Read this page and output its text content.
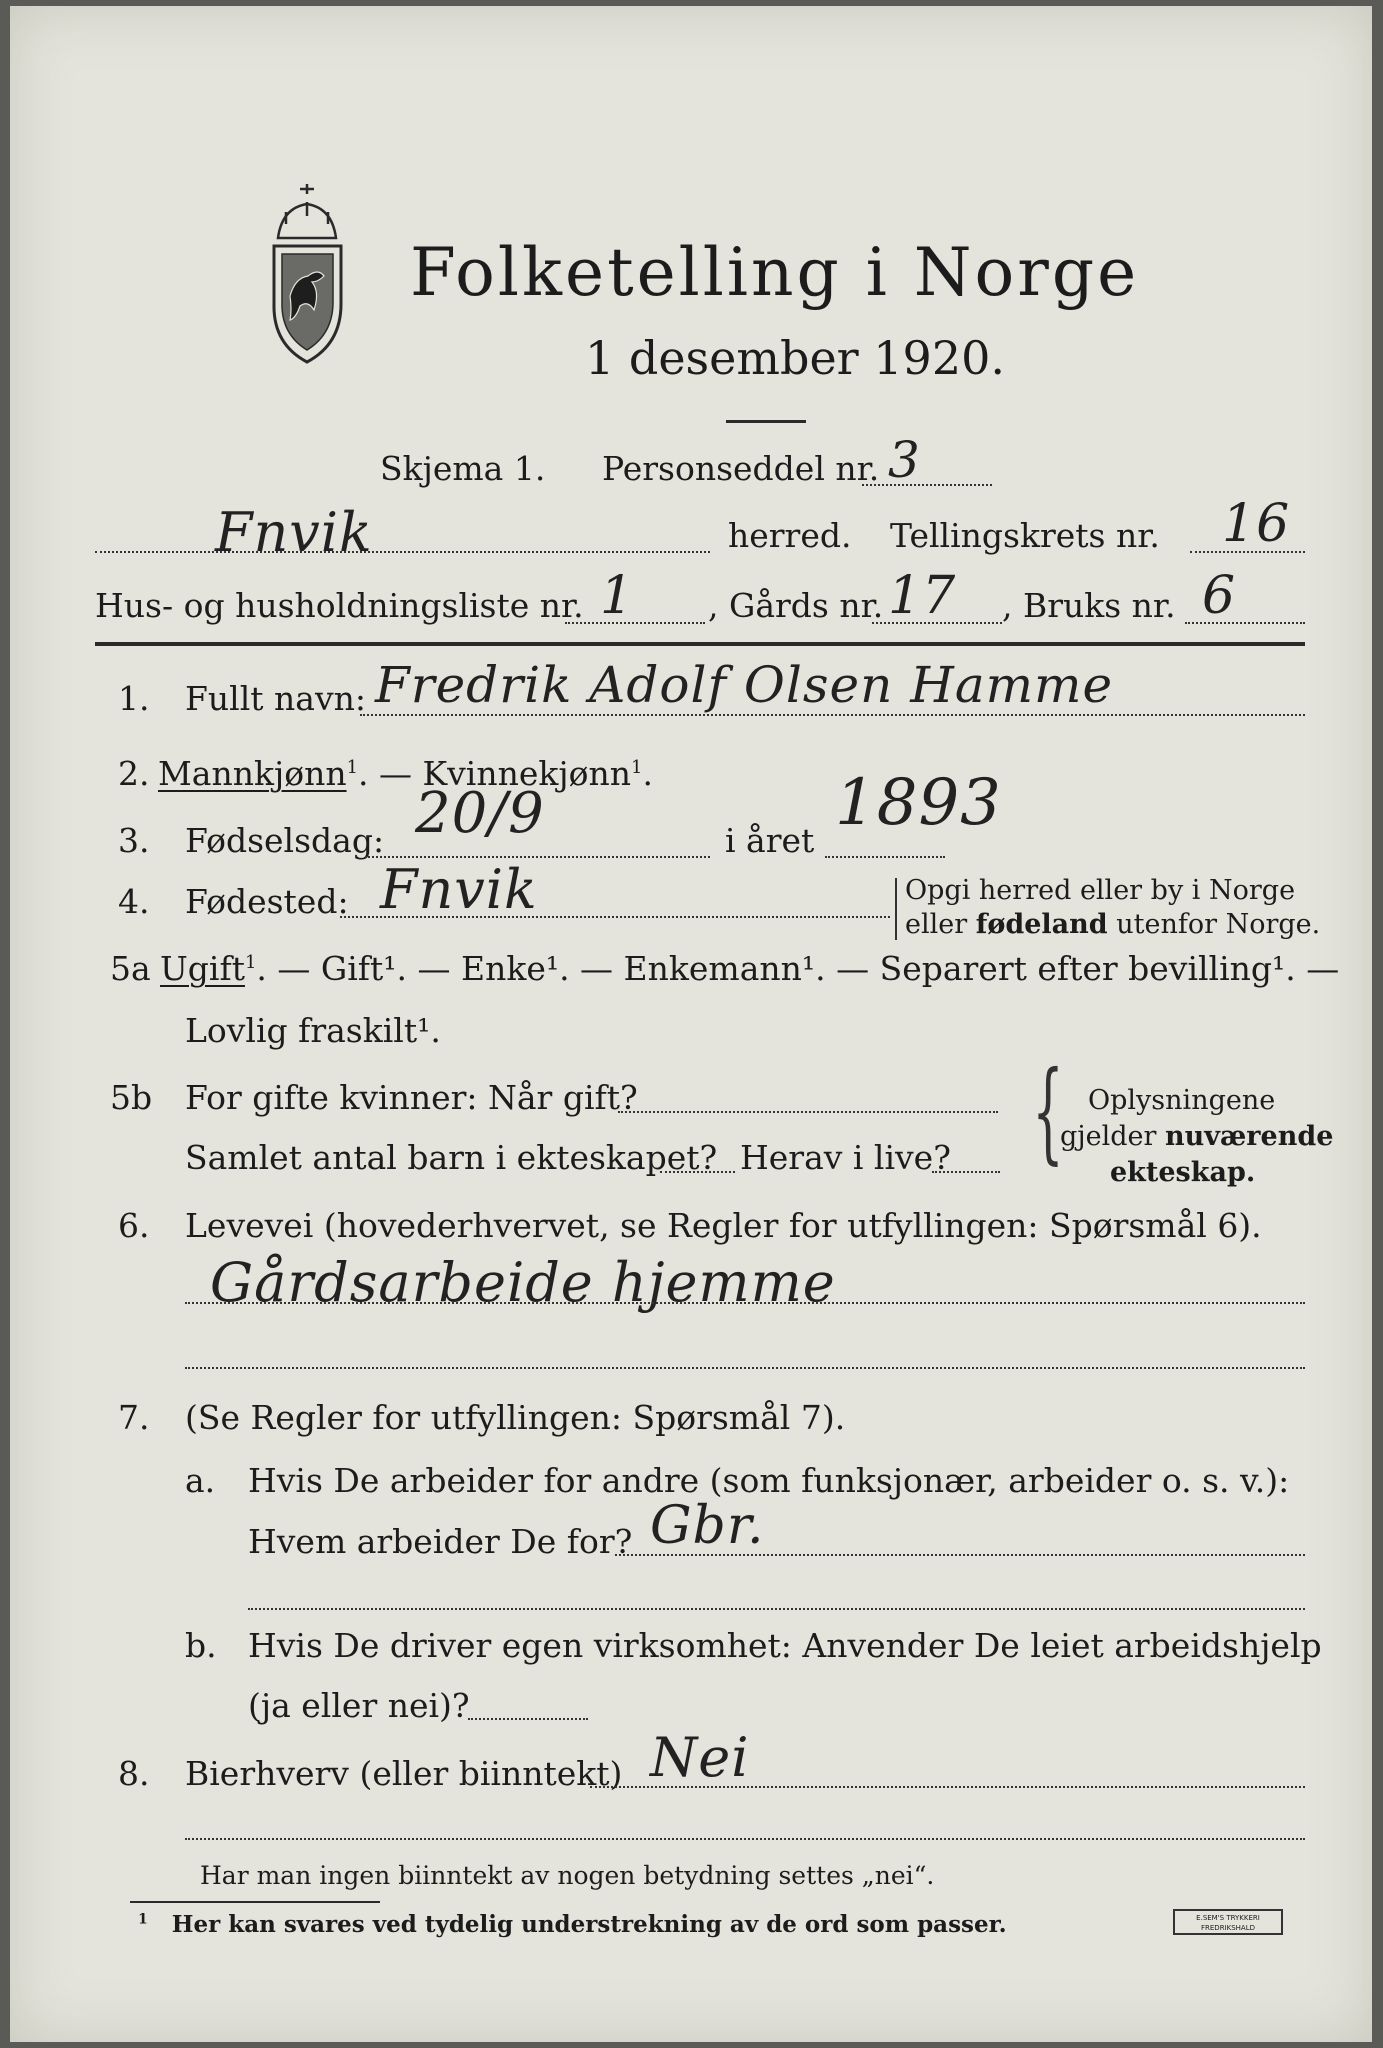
Folketelling i Norge
1 desember 1920.
Skjema 1. Personseddel nr. 3
Fnvik	herred. Tellingskrets nr. 16
Hus- og husholdningsliste nr. 1 , Gårds nr. 17 , Bruks nr. 6
1. Fullt navn: Fredrik Adolf Olsen Hamme
2. Mannkjønn$^1$. — Kvinnekjønn$^1$.
3. Fødselsdag: 20/9	i året
1893
4. Fødested: Fnvik	Opgi herred eller by i Norge
eller fødeland utenfor Norge.
5a Ugift$^1$. — Gift¹. — Enke¹. — Enkemann¹. — Separert efter bevilling¹. —
Lovlig fraskilt¹.
5b For gifte kvinner: Når gift?
Samlet antal barn i ekteskapet? Herav i live? { Oplysningene
gjelder nuværende
ekteskap.
6. Levevei (hovederhvervet, se Regler for utfyllingen: Spørsmål 6).
Gårdsarbeide hjemme
7. (Se Regler for utfyllingen: Spørsmål 7).
a. Hvis De arbeider for andre (som funksjonær, arbeider o. s. v.):
Hvem arbeider De for? Gbr.
b. Hvis De driver egen virksomhet: Anvender De leiet arbeidshjelp
(ja eller nei)?
8. Bierhverv (eller biinntekt) Nei
Har man ingen biinntekt av nogen betydning settes „nei“.
$^1$ Her kan svares ved tydelig understrekning av de ord som passer.	E.SEM'S TRYKKERI FREDRIKSHALD
